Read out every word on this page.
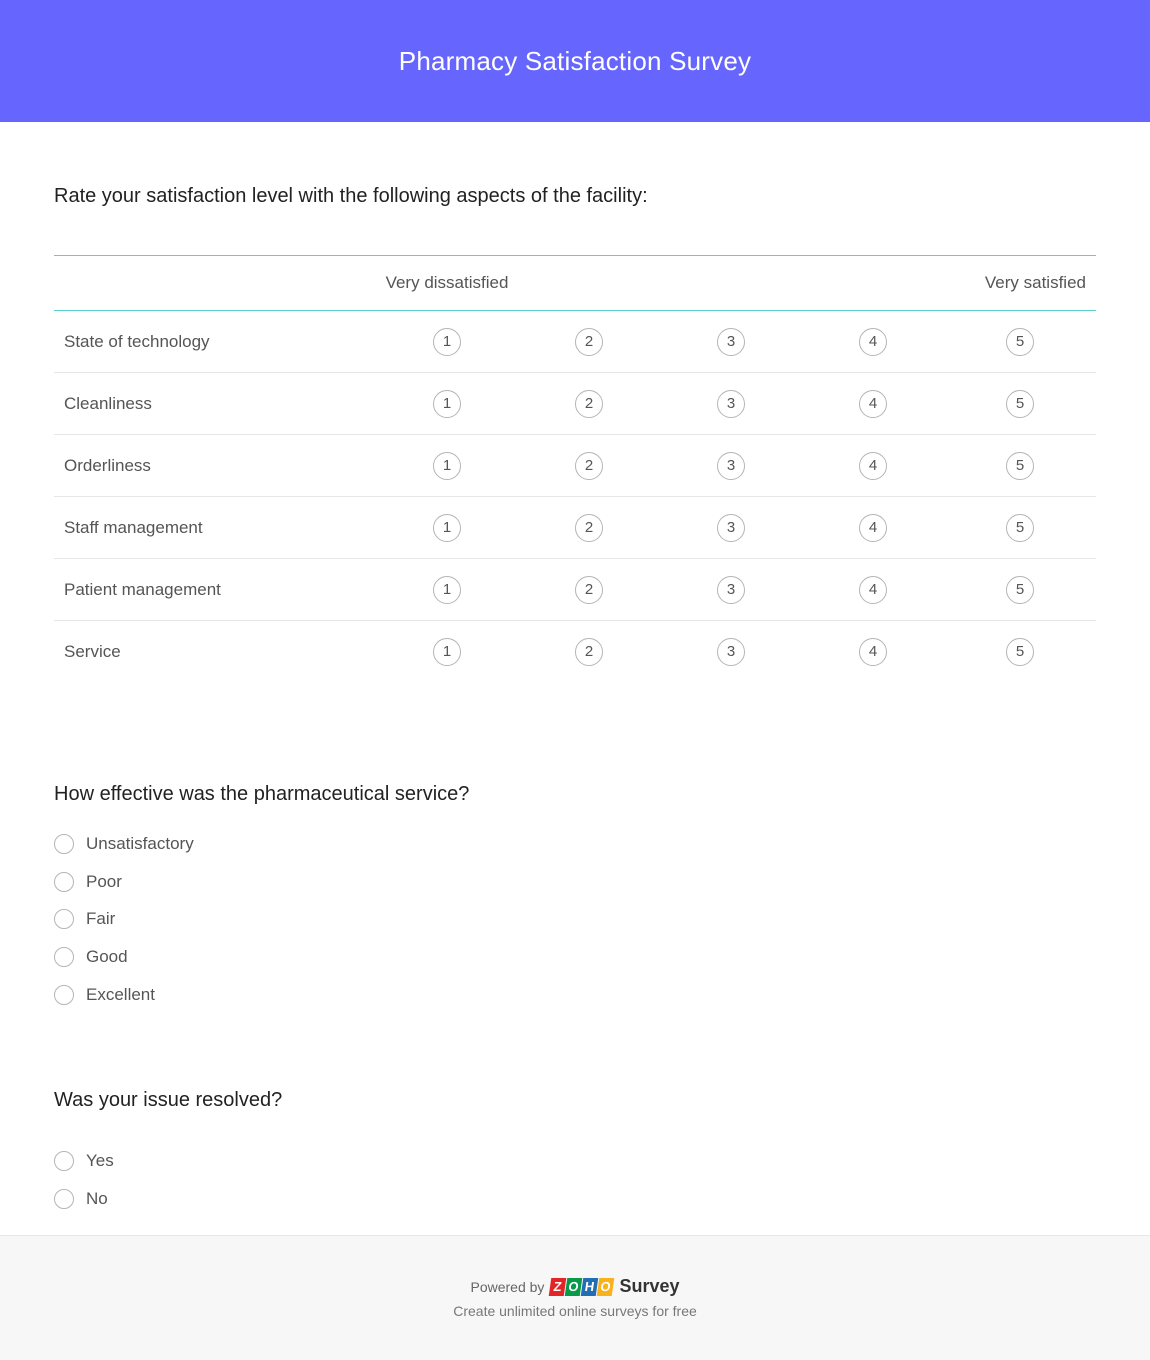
Pharmacy Satisfaction Survey
Rate your satisfaction level with the following aspects of the facility:
	Very dissatisfied				Very satisfied
State of technology	1	2	3	4	5
Cleanliness	1	2	3	4	5
Orderliness	1	2	3	4	5
Staff management	1	2	3	4	5
Patient management	1	2	3	4	5
Service	1	2	3	4	5
How effective was the pharmaceutical service?
Unsatisfactory
Poor
Fair
Good
Excellent
Was your issue resolved?
Yes
No
Powered by Z O H O Survey
Create unlimited online surveys for free
